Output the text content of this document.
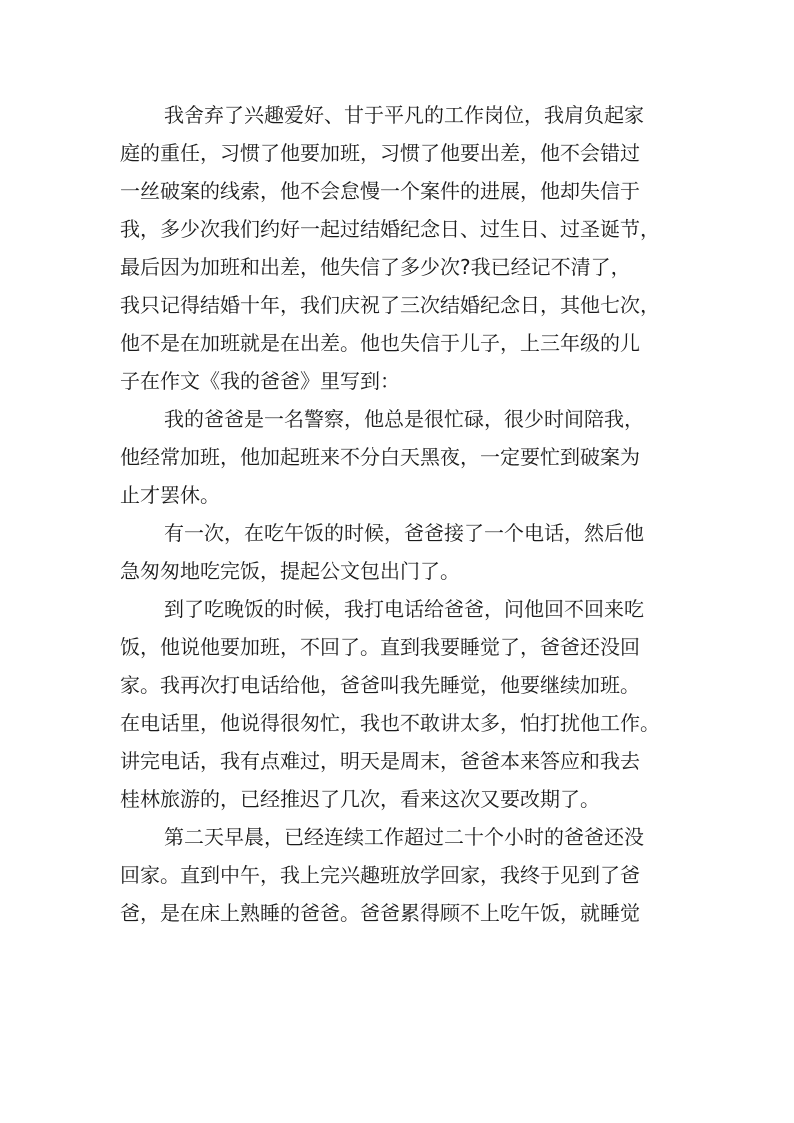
我舍弃了兴趣爱好、甘于平凡的工作岗位，我肩负起家
庭的重任，习惯了他要加班，习惯了他要出差，他不会错过
一丝破案的线索，他不会怠慢一个案件的进展，他却失信于
我，多少次我们约好一起过结婚纪念日、过生日、过圣诞节，
最后因为加班和出差，他失信了多少次?我已经记不清了，
我只记得结婚十年，我们庆祝了三次结婚纪念日，其他七次，
他不是在加班就是在出差。他也失信于儿子，上三年级的儿
子在作文《我的爸爸》里写到：
我的爸爸是一名警察，他总是很忙碌，很少时间陪我，
他经常加班，他加起班来不分白天黑夜，一定要忙到破案为
止才罢休。
有一次，在吃午饭的时候，爸爸接了一个电话，然后他
急匆匆地吃完饭，提起公文包出门了。
到了吃晚饭的时候，我打电话给爸爸，问他回不回来吃
饭，他说他要加班，不回了。直到我要睡觉了，爸爸还没回
家。我再次打电话给他，爸爸叫我先睡觉，他要继续加班。
在电话里，他说得很匆忙，我也不敢讲太多，怕打扰他工作。
讲完电话，我有点难过，明天是周末，爸爸本来答应和我去
桂林旅游的，已经推迟了几次，看来这次又要改期了。
第二天早晨，已经连续工作超过二十个小时的爸爸还没
回家。直到中午，我上完兴趣班放学回家，我终于见到了爸
爸，是在床上熟睡的爸爸。爸爸累得顾不上吃午饭，就睡觉
